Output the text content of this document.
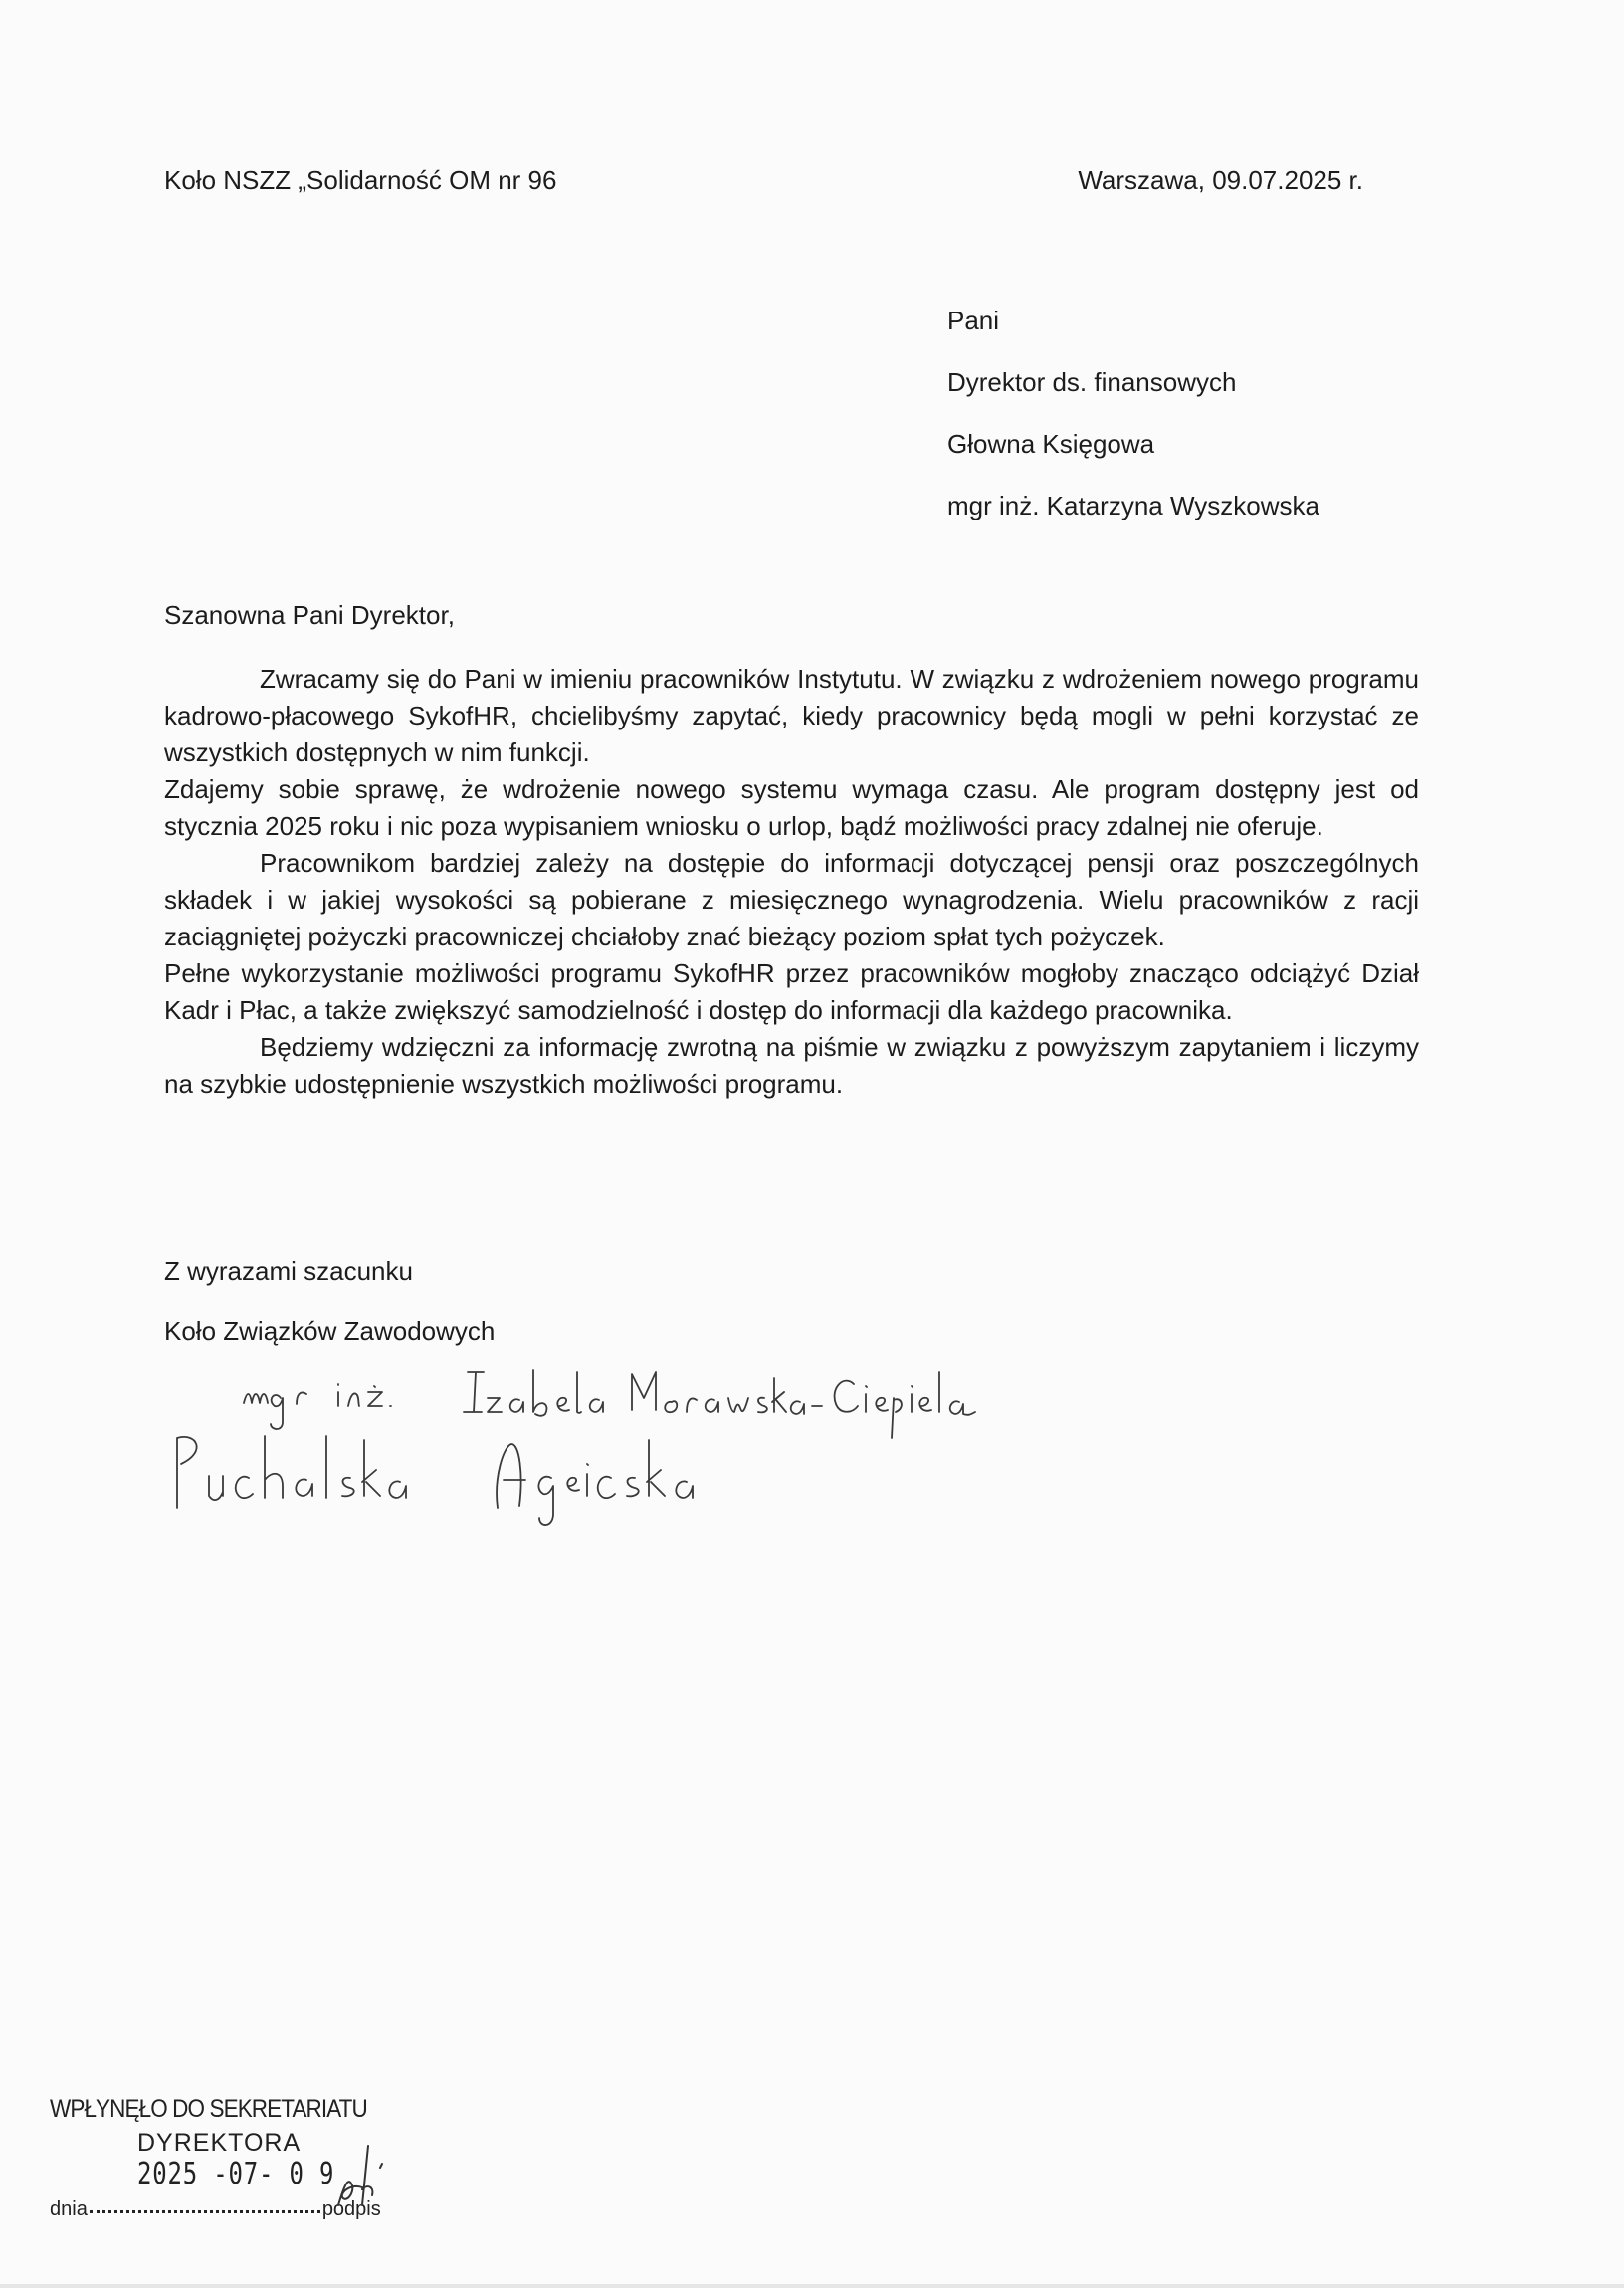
Koło NSZZ „Solidarność OM nr 96	Warszawa, 09.07.2025 r.
Pani
Dyrektor ds. finansowych
Głowna Księgowa
mgr inż. Katarzyna Wyszkowska
Szanowna Pani Dyrektor,

Zwracamy się do Pani w imieniu pracowników Instytutu. W związku z wdrożeniem nowego programu kadrowo-płacowego SykofHR, chcielibyśmy zapytać, kiedy pracownicy będą mogli w pełni korzystać ze wszystkich dostępnych w nim funkcji.

Zdajemy sobie sprawę, że wdrożenie nowego systemu wymaga czasu. Ale program dostępny jest od stycznia 2025 roku i nic poza wypisaniem wniosku o urlop, bądź możliwości pracy zdalnej nie oferuje.

Pracownikom bardziej zależy na dostępie do informacji dotyczącej pensji oraz poszczególnych składek i w jakiej wysokości są pobierane z miesięcznego wynagrodzenia. Wielu pracowników z racji zaciągniętej pożyczki pracowniczej chciałoby znać bieżący poziom spłat tych pożyczek.

Pełne wykorzystanie możliwości programu SykofHR przez pracowników mogłoby znacząco odciążyć Dział Kadr i Płac, a także zwiększyć samodzielność i dostęp do informacji dla każdego pracownika.

Będziemy wdzięczni za informację zwrotną na piśmie w związku z powyższym zapytaniem i liczymy na szybkie udostępnienie wszystkich możliwości programu.

Z wyrazami szacunku
Koło Związków Zawodowych
WPŁYNĘŁO DO SEKRETARIATU
DYREKTORA
2025 -07- 0 9
dnia	podpis
